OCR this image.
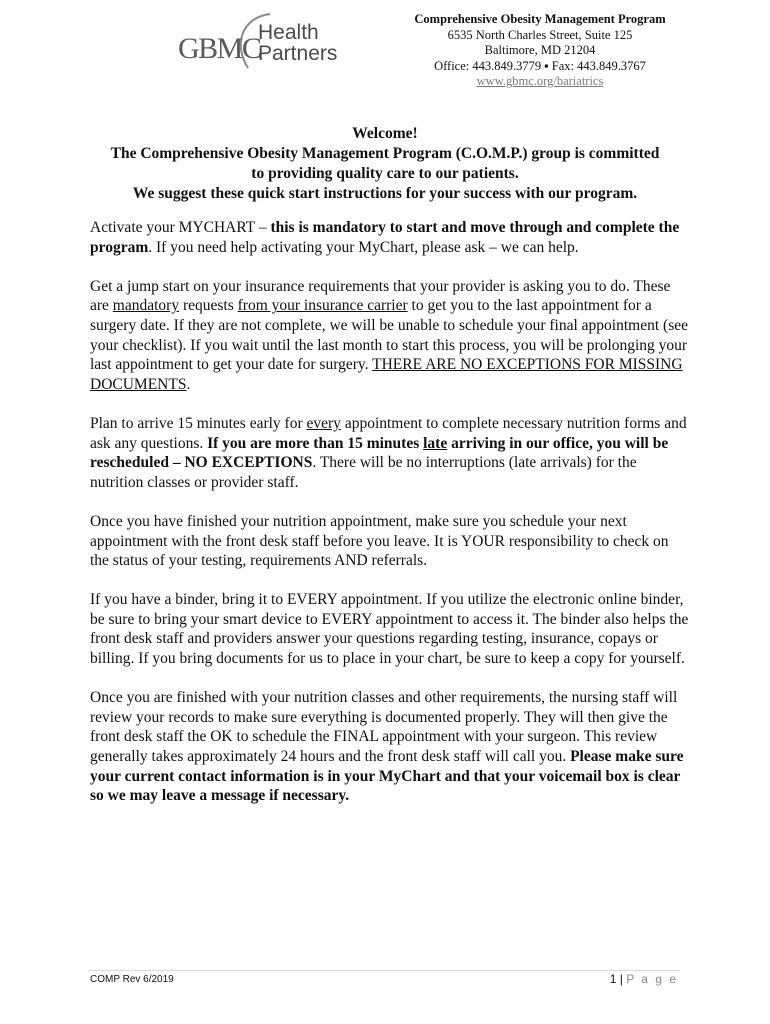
GBMC
Health
Partners
Comprehensive Obesity Management Program
6535 North Charles Street, Suite 125
Baltimore, MD 21204
Office: 443.849.3779 ▪ Fax: 443.849.3767
www.gbmc.org/bariatrics
Welcome!
The Comprehensive Obesity Management Program (C.O.M.P.) group is committed
to providing quality care to our patients.
We suggest these quick start instructions for your success with our program.

Activate your MYCHART – this is mandatory to start and move through and complete the program. If you need help activating your MyChart, please ask – we can help.

Get a jump start on your insurance requirements that your provider is asking you to do. These are mandatory requests from your insurance carrier to get you to the last appointment for a surgery date. If they are not complete, we will be unable to schedule your final appointment (see your checklist). If you wait until the last month to start this process, you will be prolonging your last appointment to get your date for surgery. THERE ARE NO EXCEPTIONS FOR MISSING DOCUMENTS.

Plan to arrive 15 minutes early for every appointment to complete necessary nutrition forms and ask any questions. If you are more than 15 minutes late arriving in our office, you will be rescheduled – NO EXCEPTIONS. There will be no interruptions (late arrivals) for the nutrition classes or provider staff.

Once you have finished your nutrition appointment, make sure you schedule your next appointment with the front desk staff before you leave. It is YOUR responsibility to check on the status of your testing, requirements AND referrals.

If you have a binder, bring it to EVERY appointment. If you utilize the electronic online binder, be sure to bring your smart device to EVERY appointment to access it. The binder also helps the front desk staff and providers answer your questions regarding testing, insurance, copays or billing. If you bring documents for us to place in your chart, be sure to keep a copy for yourself.

Once you are finished with your nutrition classes and other requirements, the nursing staff will review your records to make sure everything is documented properly. They will then give the front desk staff the OK to schedule the FINAL appointment with your surgeon. This review generally takes approximately 24 hours and the front desk staff will call you. Please make sure your current contact information is in your MyChart and that your voicemail box is clear so we may leave a message if necessary.

COMP Rev 6/2019	1 | P a g e
